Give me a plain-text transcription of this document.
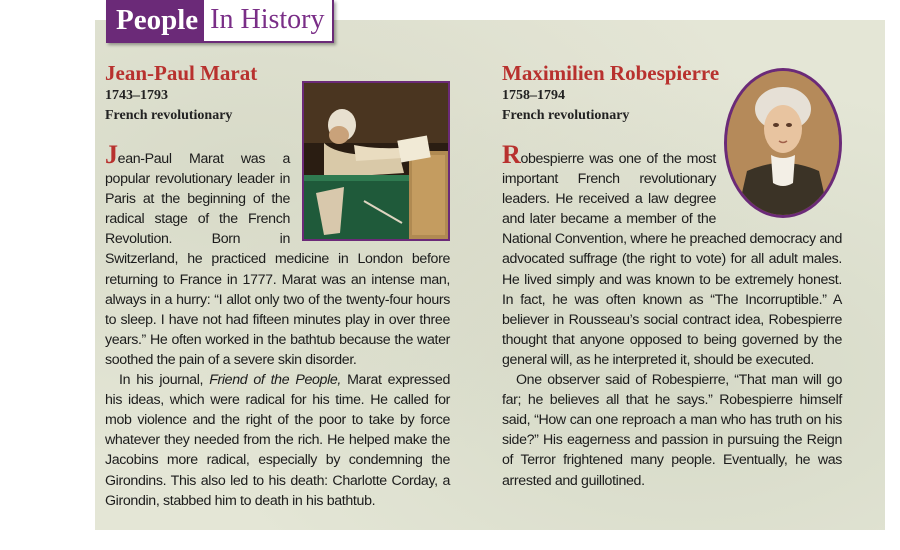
People In History
Jean-Paul Marat
1743–1793
French revolutionary

Jean-Paul Marat was a popular revolutionary leader in Paris at the beginning of the radical stage of the French Revolution. Born in Switzerland, he practiced medicine in London before returning to France in 1777. Marat was an intense man, always in a hurry: “I allot only two of the twenty-four hours to sleep. I have not had fifteen minutes play in over three years.” He often worked in the bathtub because the water soothed the pain of a severe skin disorder.

In his journal, Friend of the People, Marat expressed his ideas, which were radical for his time. He called for mob violence and the right of the poor to take by force whatever they needed from the rich. He helped make the Jacobins more radical, especially by condemning the Girondins. This also led to his death: Charlotte Corday, a Girondin, stabbed him to death in his bathtub.

Maximilien Robespierre
1758–1794
French revolutionary

Robespierre was one of the most important French revolutionary leaders. He received a law degree and later became a member of the National Convention, where he preached democracy and advocated suffrage (the right to vote) for all adult males. He lived simply and was known to be extremely honest. In fact, he was often known as “The Incorruptible.” A believer in Rousseau’s social contract idea, Robespierre thought that anyone opposed to being governed by the general will, as he interpreted it, should be executed.

One observer said of Robespierre, “That man will go far; he believes all that he says.” Robespierre himself said, “How can one reproach a man who has truth on his side?” His eagerness and passion in pursuing the Reign of Terror frightened many people. Eventually, he was arrested and guillotined.
